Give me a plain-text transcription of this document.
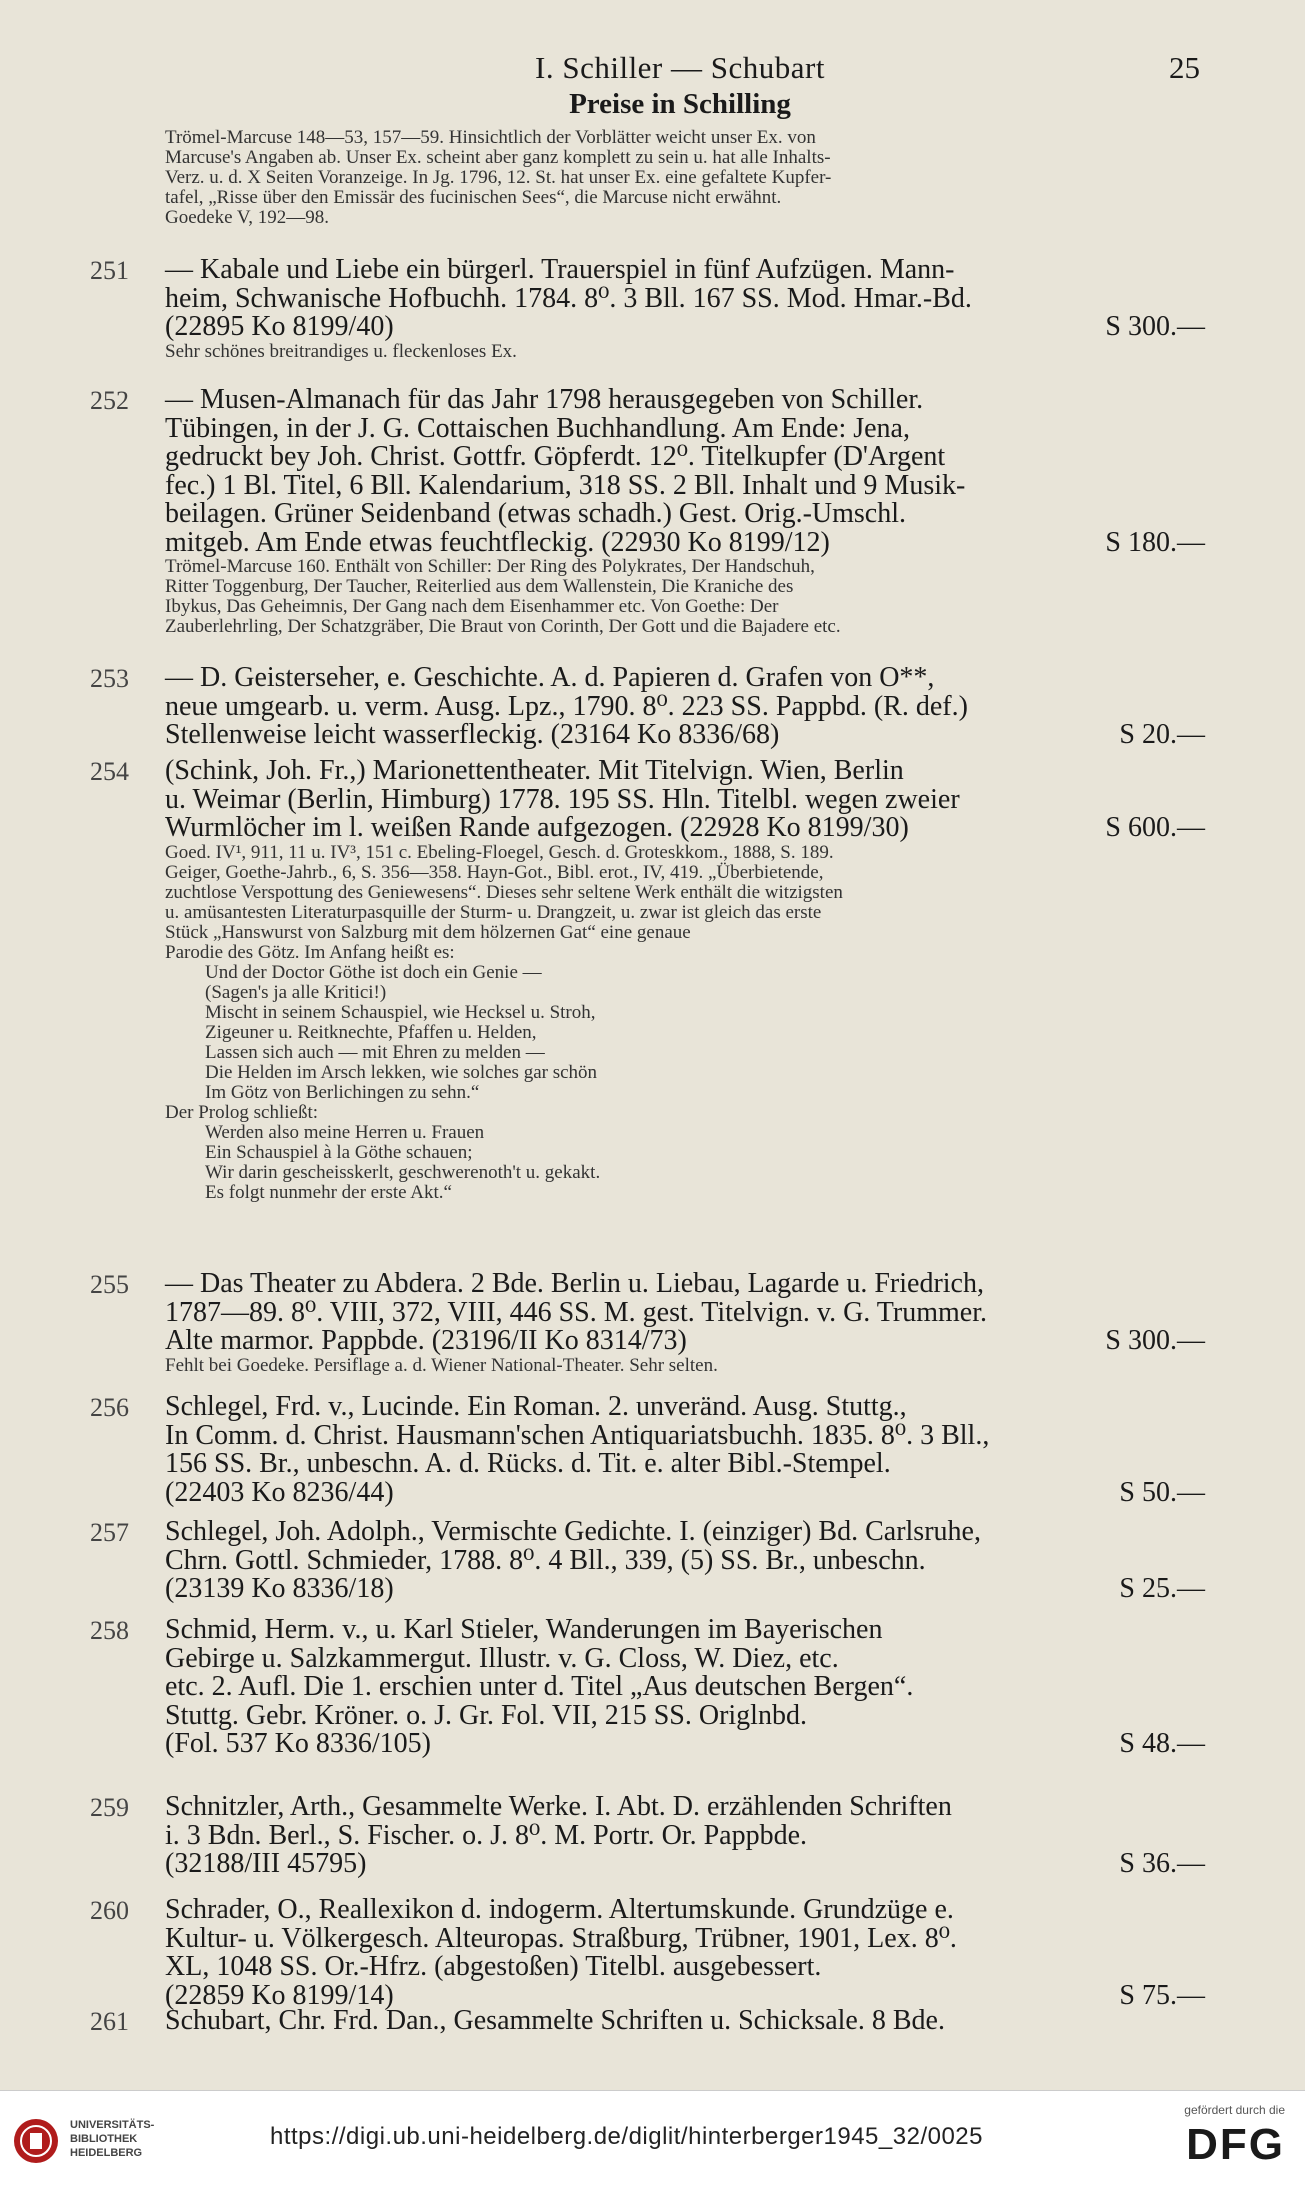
I. Schiller — Schubart	25
Preise in Schilling
Trömel-Marcuse 148—53, 157—59. Hinsichtlich der Vorblätter weicht unser Ex. von
Marcuse's Angaben ab. Unser Ex. scheint aber ganz komplett zu sein u. hat alle Inhalts-
Verz. u. d. X Seiten Voranzeige. In Jg. 1796, 12. St. hat unser Ex. eine gefaltete Kupfer-
tafel, „Risse über den Emissär des fucinischen Sees“, die Marcuse nicht erwähnt.
Goedeke V, 192—98.
251 — Kabale und Liebe ein bürgerl. Trauerspiel in fünf Aufzügen. Mann-
heim, Schwanische Hofbuchh. 1784. 8⁰. 3 Bll. 167 SS. Mod. Hmar.-Bd.
(22895 Ko 8199/40)	S 300.—
Sehr schönes breitrandiges u. fleckenloses Ex.
252 — Musen-Almanach für das Jahr 1798 herausgegeben von Schiller.
Tübingen, in der J. G. Cottaischen Buchhandlung. Am Ende: Jena,
gedruckt bey Joh. Christ. Gottfr. Göpferdt. 12⁰. Titelkupfer (D'Argent
fec.) 1 Bl. Titel, 6 Bll. Kalendarium, 318 SS. 2 Bll. Inhalt und 9 Musik-
beilagen. Grüner Seidenband (etwas schadh.) Gest. Orig.-Umschl.
mitgeb. Am Ende etwas feuchtfleckig. (22930 Ko 8199/12)	S 180.—
Trömel-Marcuse 160. Enthält von Schiller: Der Ring des Polykrates, Der Handschuh,
Ritter Toggenburg, Der Taucher, Reiterlied aus dem Wallenstein, Die Kraniche des
Ibykus, Das Geheimnis, Der Gang nach dem Eisenhammer etc. Von Goethe: Der
Zauberlehrling, Der Schatzgräber, Die Braut von Corinth, Der Gott und die Bajadere etc.
253 — D. Geisterseher, e. Geschichte. A. d. Papieren d. Grafen von O**,
neue umgearb. u. verm. Ausg. Lpz., 1790. 8⁰. 223 SS. Pappbd. (R. def.)
Stellenweise leicht wasserfleckig. (23164 Ko 8336/68)	S 20.—
254 (Schink, Joh. Fr.,) Marionettentheater. Mit Titelvign. Wien, Berlin
u. Weimar (Berlin, Himburg) 1778. 195 SS. Hln. Titelbl. wegen zweier
Wurmlöcher im l. weißen Rande aufgezogen. (22928 Ko 8199/30)	S 600.—
Goed. IV¹, 911, 11 u. IV³, 151 c. Ebeling-Floegel, Gesch. d. Groteskkom., 1888, S. 189.
Geiger, Goethe-Jahrb., 6, S. 356—358. Hayn-Got., Bibl. erot., IV, 419. „Überbietende,
zuchtlose Verspottung des Geniewesens“. Dieses sehr seltene Werk enthält die witzigsten
u. amüsantesten Literaturpasquille der Sturm- u. Drangzeit, u. zwar ist gleich das erste
Stück „Hanswurst von Salzburg mit dem hölzernen Gat“ eine genaue
Parodie des Götz. Im Anfang heißt es:
Und der Doctor Göthe ist doch ein Genie —
(Sagen's ja alle Kritici!)
Mischt in seinem Schauspiel, wie Hecksel u. Stroh,
Zigeuner u. Reitknechte, Pfaffen u. Helden,
Lassen sich auch — mit Ehren zu melden —
Die Helden im Arsch lekken, wie solches gar schön
Im Götz von Berlichingen zu sehn.“
Der Prolog schließt:
Werden also meine Herren u. Frauen
Ein Schauspiel à la Göthe schauen;
Wir darin gescheisskerlt, geschwerenoth't u. gekakt.
Es folgt nunmehr der erste Akt.“
255 — Das Theater zu Abdera. 2 Bde. Berlin u. Liebau, Lagarde u. Friedrich,
1787—89. 8⁰. VIII, 372, VIII, 446 SS. M. gest. Titelvign. v. G. Trummer.
Alte marmor. Pappbde. (23196/II Ko 8314/73)	S 300.—
Fehlt bei Goedeke. Persiflage a. d. Wiener National-Theater. Sehr selten.
256 Schlegel, Frd. v., Lucinde. Ein Roman. 2. unveränd. Ausg. Stuttg.,
In Comm. d. Christ. Hausmann'schen Antiquariatsbuchh. 1835. 8⁰. 3 Bll.,
156 SS. Br., unbeschn. A. d. Rücks. d. Tit. e. alter Bibl.-Stempel.
(22403 Ko 8236/44)	S 50.—
257 Schlegel, Joh. Adolph., Vermischte Gedichte. I. (einziger) Bd. Carlsruhe,
Chrn. Gottl. Schmieder, 1788. 8⁰. 4 Bll., 339, (5) SS. Br., unbeschn.
(23139 Ko 8336/18)	S 25.—
258 Schmid, Herm. v., u. Karl Stieler, Wanderungen im Bayerischen
Gebirge u. Salzkammergut. Illustr. v. G. Closs, W. Diez, etc.
etc. 2. Aufl. Die 1. erschien unter d. Titel „Aus deutschen Bergen“.
Stuttg. Gebr. Kröner. o. J. Gr. Fol. VII, 215 SS. Origlnbd.
(Fol. 537 Ko 8336/105)	S 48.—
259 Schnitzler, Arth., Gesammelte Werke. I. Abt. D. erzählenden Schriften
i. 3 Bdn. Berl., S. Fischer. o. J. 8⁰. M. Portr. Or. Pappbde.
(32188/III 45795)	S 36.—
260 Schrader, O., Reallexikon d. indogerm. Altertumskunde. Grundzüge e.
Kultur- u. Völkergesch. Alteuropas. Straßburg, Trübner, 1901, Lex. 8⁰.
XL, 1048 SS. Or.-Hfrz. (abgestoßen) Titelbl. ausgebessert.
(22859 Ko 8199/14)	S 75.—
261 Schubart, Chr. Frd. Dan., Gesammelte Schriften u. Schicksale. 8 Bde.
UNIVERSITÄTS-
BIBLIOTHEK
HEIDELBERG
https://digi.ub.uni-heidelberg.de/diglit/hinterberger1945_32/0025
gefördert durch die
DFG
